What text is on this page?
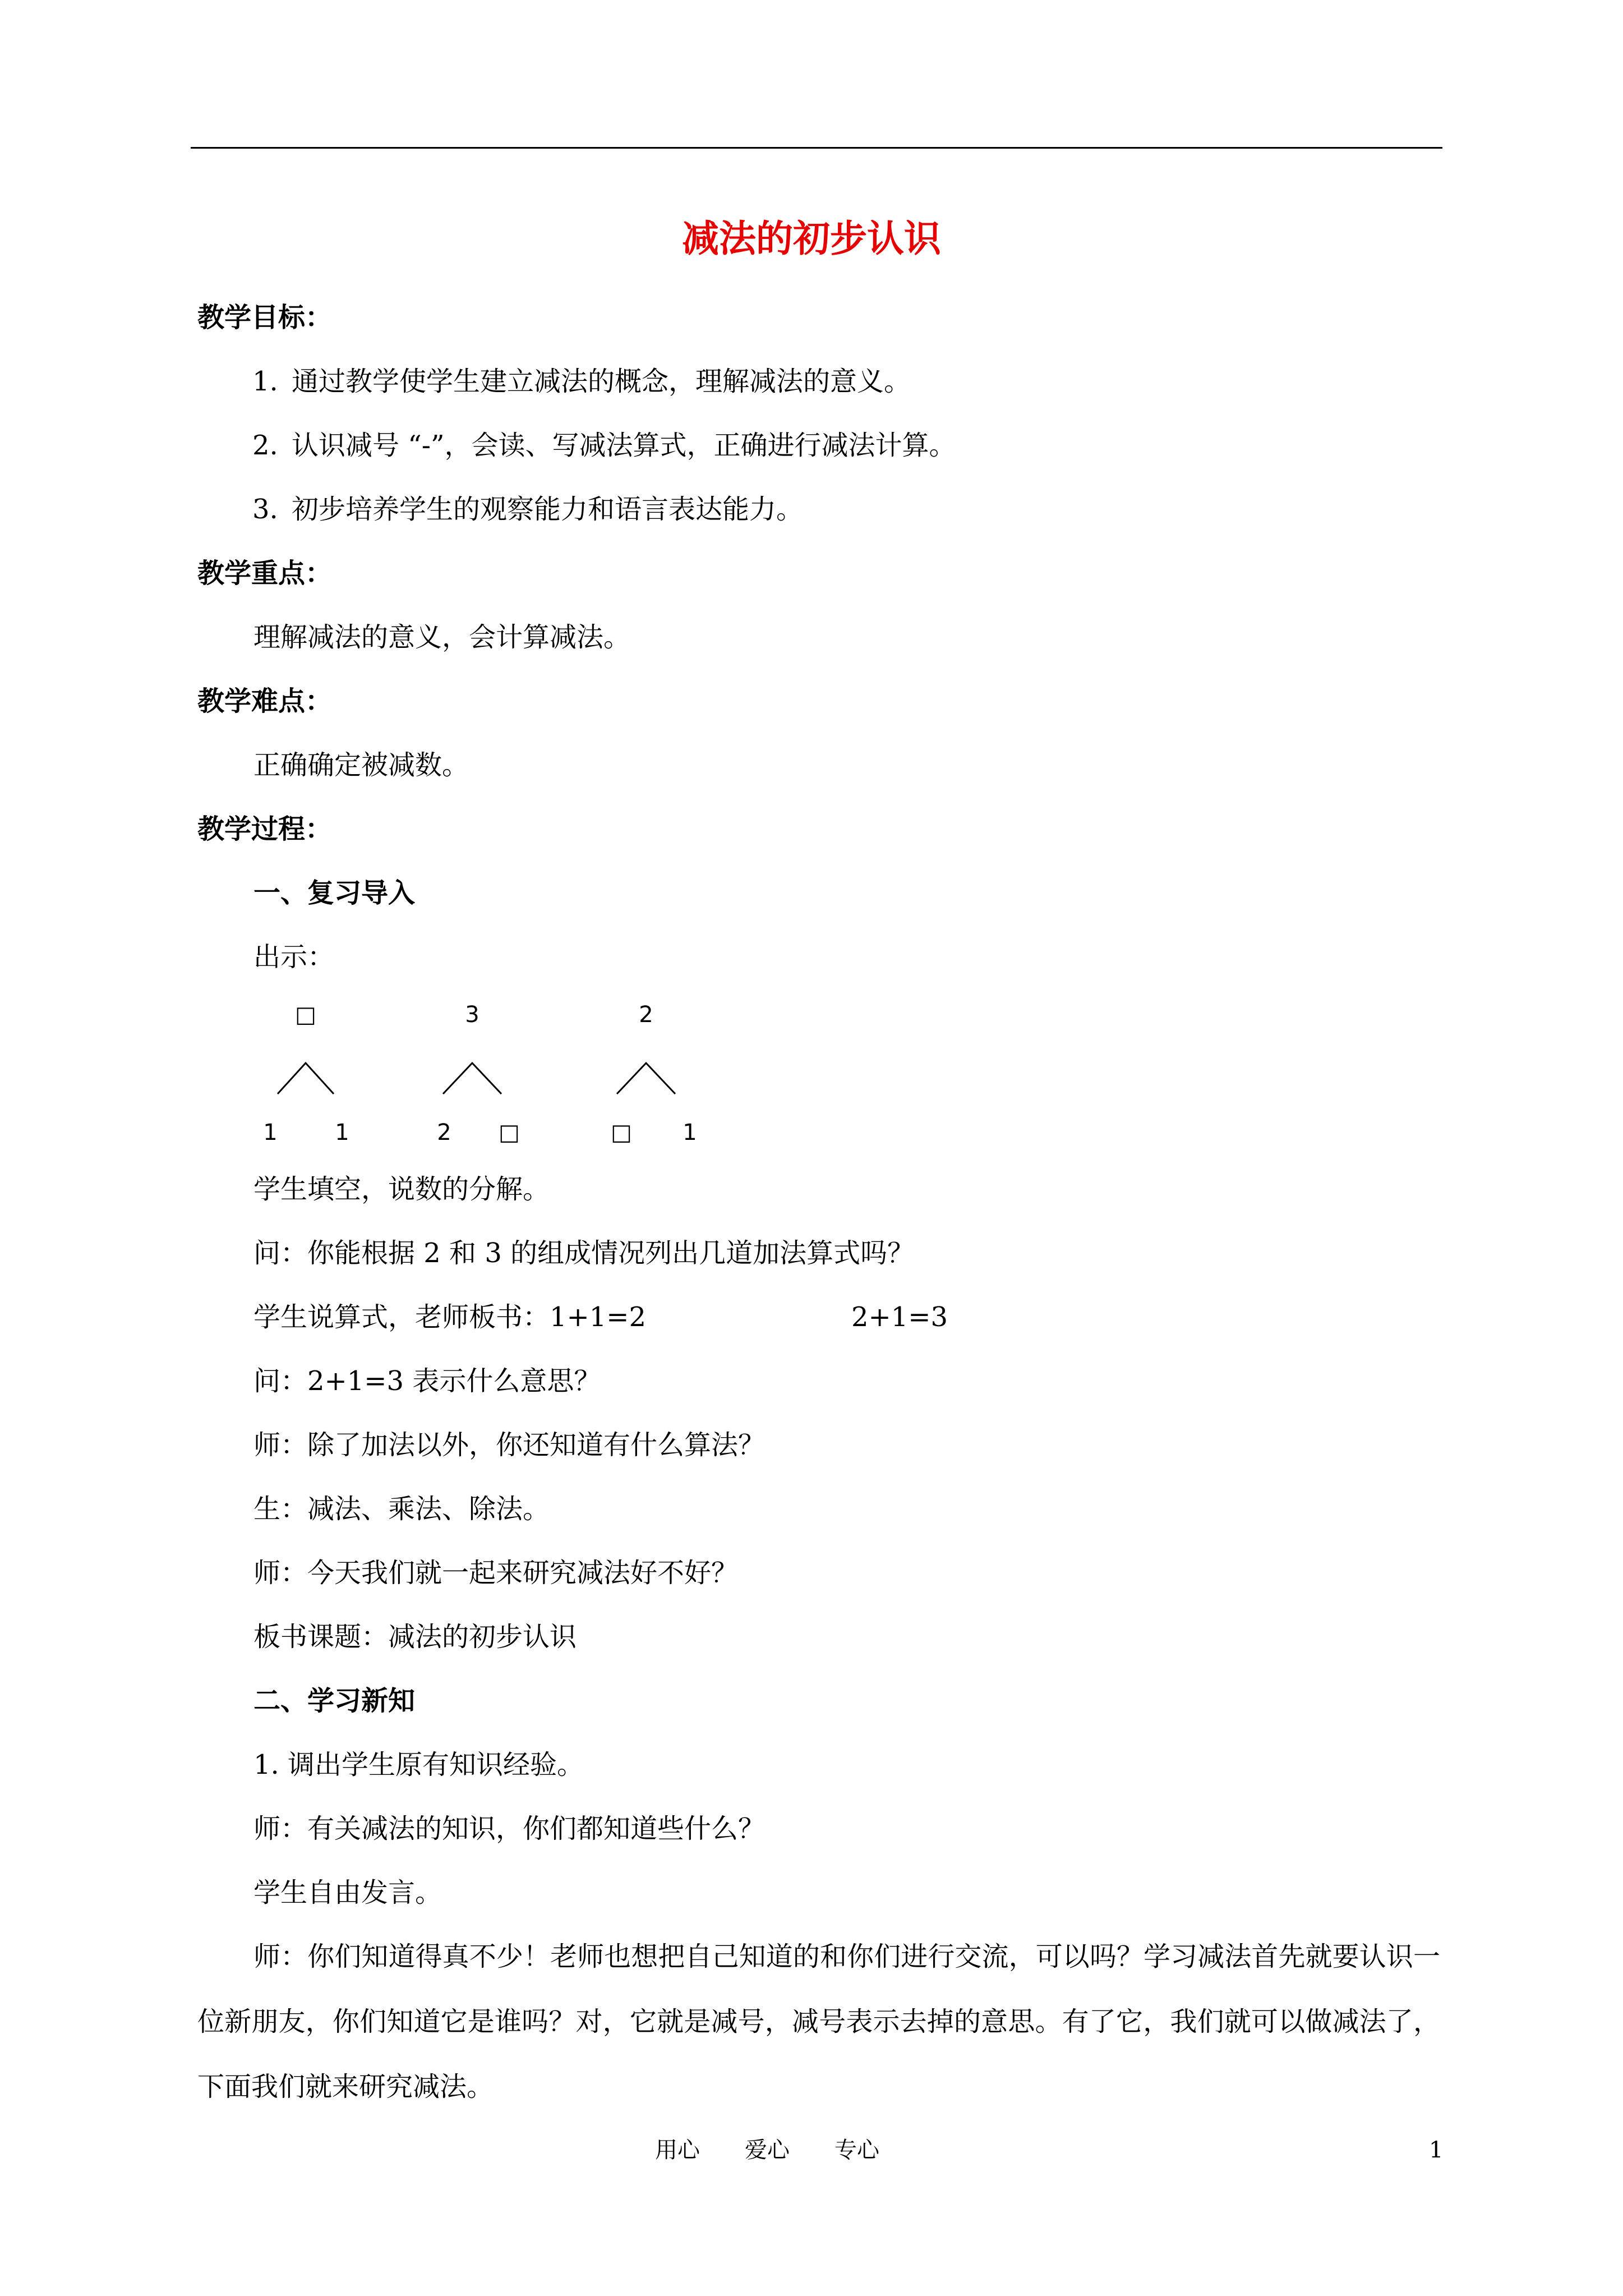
减法的初步认识
教学目标：
1. 通过教学使学生建立减法的概念，理解减法的意义。
2. 认识减号 “-”，会读、写减法算式，正确进行减法计算。
3. 初步培养学生的观察能力和语言表达能力。
教学重点：
理解减法的意义，会计算减法。
教学难点：
正确确定被减数。
教学过程：
一、复习导入
出示：
□
1	1
3
2 □
2
□ 1
学生填空，说数的分解。
问：你能根据 2 和 3 的组成情况列出几道加法算式吗？
学生说算式，老师板书：1+1=2	2+1=3
问：2+1=3 表示什么意思？
师：除了加法以外，你还知道有什么算法？
生：减法、乘法、除法。
师：今天我们就一起来研究减法好不好？
板书课题：减法的初步认识
二、学习新知
1. 调出学生原有知识经验。
师：有关减法的知识，你们都知道些什么？
学生自由发言。
师：你们知道得真不少！老师也想把自己知道的和你们进行交流，可以吗？学习减法首先就要认识一位新朋友，你们知道它是谁吗？对，它就是减号，减号表示去掉的意思。有了它，我们就可以做减法了，下面我们就来研究减法。
用心 爱心 专心	1
